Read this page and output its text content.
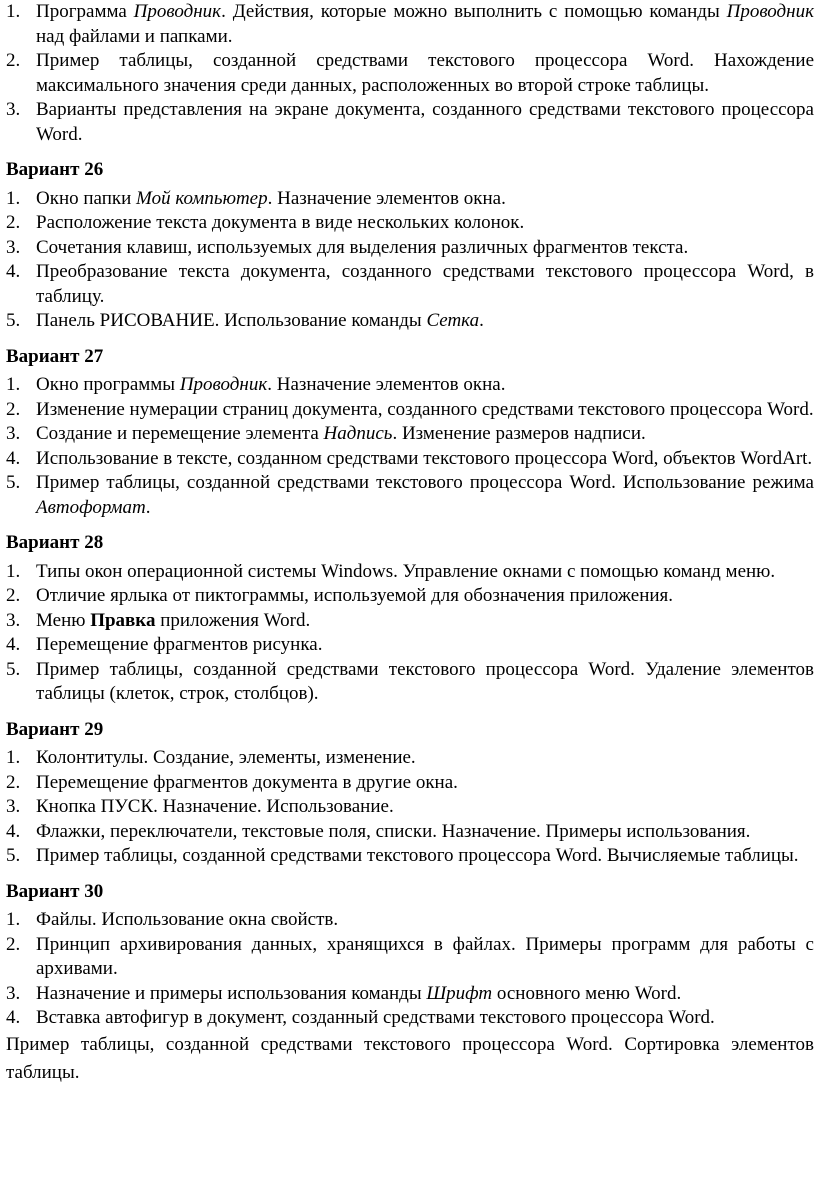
1. Программа Проводник. Действия, которые можно выполнить с помощью команды Проводник над файлами и папками.
2. Пример таблицы, созданной средствами текстового процессора Word. Нахождение максимального значения среди данных, расположенных во второй строке таблицы.
3. Варианты представления на экране документа, созданного средствами текстового процессора Word.
Вариант 26
1. Окно папки Мой компьютер. Назначение элементов окна.
2. Расположение текста документа в виде нескольких колонок.
3. Сочетания клавиш, используемых для выделения различных фрагментов текста.
4. Преобразование текста документа, созданного средствами текстового процессора Word, в таблицу.
5. Панель РИСОВАНИЕ. Использование команды Сетка.
Вариант 27
1. Окно программы Проводник. Назначение элементов окна.
2. Изменение нумерации страниц документа, созданного средствами текстового процессора Word.
3. Создание и перемещение элемента Надпись. Изменение размеров надписи.
4. Использование в тексте, созданном средствами текстового процессора Word, объектов WordArt.
5. Пример таблицы, созданной средствами текстового процессора Word. Использование режима Автоформат.
Вариант 28
1. Типы окон операционной системы Windows. Управление окнами с помощью команд меню.
2. Отличие ярлыка от пиктограммы, используемой для обозначения приложения.
3. Меню Правка приложения Word.
4. Перемещение фрагментов рисунка.
5. Пример таблицы, созданной средствами текстового процессора Word. Удаление элементов таблицы (клеток, строк, столбцов).
Вариант 29
1. Колонтитулы. Создание, элементы, изменение.
2. Перемещение фрагментов документа в другие окна.
3. Кнопка ПУСК. Назначение. Использование.
4. Флажки, переключатели, текстовые поля, списки. Назначение. Примеры использования.
5. Пример таблицы, созданной средствами текстового процессора Word. Вычисляемые таблицы.
Вариант 30
1. Файлы. Использование окна свойств.
2. Принцип архивирования данных, хранящихся в файлах. Примеры программ для работы с архивами.
3. Назначение и примеры использования команды Шрифт основного меню Word.
4. Вставка автофигур в документ, созданный средствами текстового процессора Word.
Пример таблицы, созданной средствами текстового процессора Word. Сортировка элементов таблицы.
